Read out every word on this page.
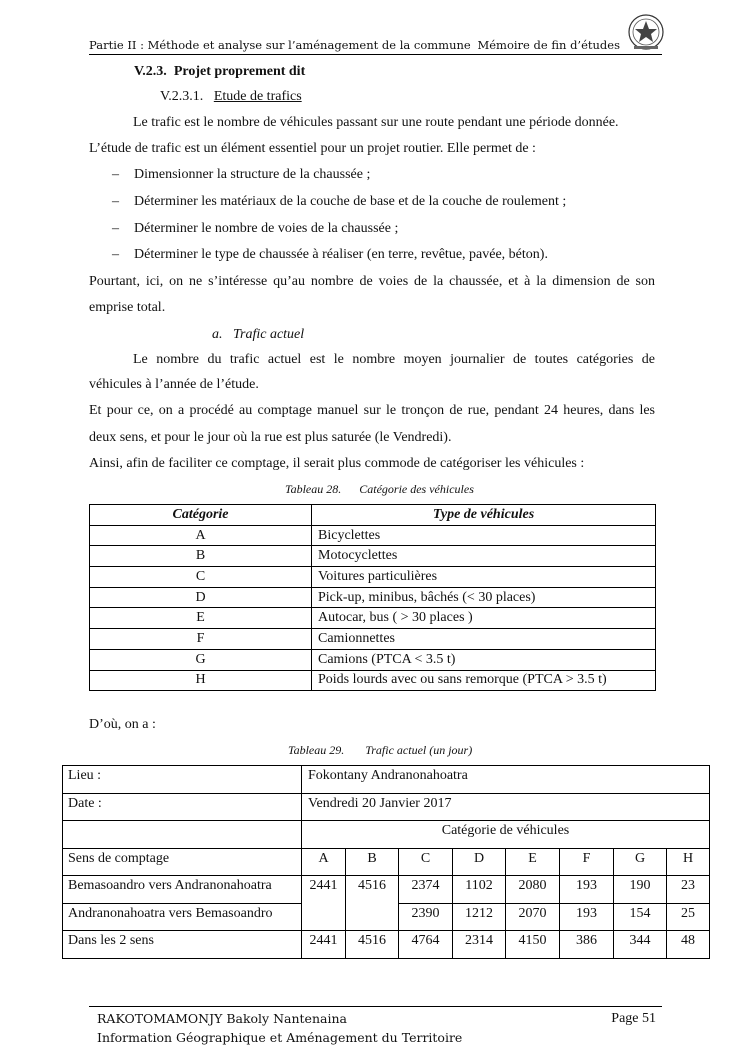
Partie II : Méthode et analyse sur l’aménagement de la commune Mémoire de fin d’études
V.2.3. Projet proprement dit
V.2.3.1. Etude de trafics
Le trafic est le nombre de véhicules passant sur une route pendant une période donnée.
L’étude de trafic est un élément essentiel pour un projet routier. Elle permet de :
– Dimensionner la structure de la chaussée ;
– Déterminer les matériaux de la couche de base et de la couche de roulement ;
– Déterminer le nombre de voies de la chaussée ;
– Déterminer le type de chaussée à réaliser (en terre, revêtue, pavée, béton).
Pourtant, ici, on ne s’intéresse qu’au nombre de voies de la chaussée, et à la dimension de son
emprise total.
a. Trafic actuel
Le nombre du trafic actuel est le nombre moyen journalier de toutes catégories de
véhicules à l’année de l’étude.
Et pour ce, on a procédé au comptage manuel sur le tronçon de rue, pendant 24 heures, dans les
deux sens, et pour le jour où la rue est plus saturée (le Vendredi).
Ainsi, afin de faciliter ce comptage, il serait plus commode de catégoriser les véhicules :
Tableau 28. Catégorie des véhicules
Catégorie	Type de véhicules
A	Bicyclettes
B	Motocyclettes
C	Voitures particulières
D	Pick-up, minibus, bâchés (< 30 places)
E	Autocar, bus ( > 30 places )
F	Camionnettes
G	Camions (PTCA < 3.5 t)
H	Poids lourds avec ou sans remorque (PTCA > 3.5 t)
D’où, on a :
Tableau 29. Trafic actuel (un jour)
Lieu :	Fokontany Andranonahoatra							
Date :	Vendredi 20 Janvier 2017							
	Catégorie de véhicules							
Sens de comptage	A	B	C	D	E	F	G	H
Bemasoandro vers Andranonahoatra	2441	4516	2374	1102	2080	193	190	23
Andranonahoatra vers Bemasoandro			2390	1212	2070	193	154	25
Dans les 2 sens	2441	4516	4764	2314	4150	386	344	48
RAKOTOMAMONJY Bakoly Nantenaina
Information Géographique et Aménagement du Territoire
Page 51
